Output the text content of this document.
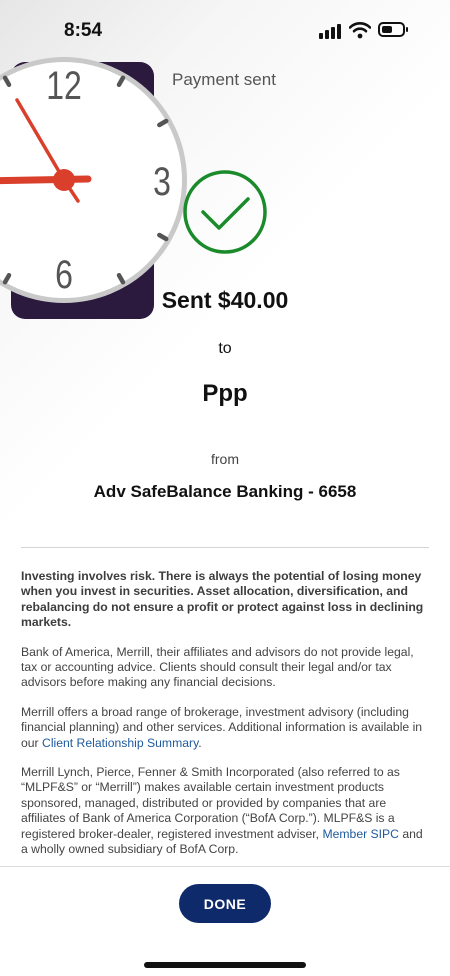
8:54
12
3
6
Payment sent
Sent $40.00
to
Ppp
from
Adv SafeBalance Banking - 6658

Investing involves risk. There is always the potential of losing money when you invest in securities. Asset allocation, diversification, and rebalancing do not ensure a profit or protect against loss in declining markets.

Bank of America, Merrill, their affiliates and advisors do not provide legal, tax or accounting advice. Clients should consult their legal and/or tax advisors before making any financial decisions.

Merrill offers a broad range of brokerage, investment advisory (including financial planning) and other services. Additional information is available in our Client Relationship Summary.

Merrill Lynch, Pierce, Fenner & Smith Incorporated (also referred to as “MLPF&S” or “Merrill”) makes available certain investment products sponsored, managed, distributed or provided by companies that are affiliates of Bank of America Corporation (“BofA Corp.”). MLPF&S is a registered broker-dealer, registered investment adviser, Member SIPC and a wholly owned subsidiary of BofA Corp.

DONE
